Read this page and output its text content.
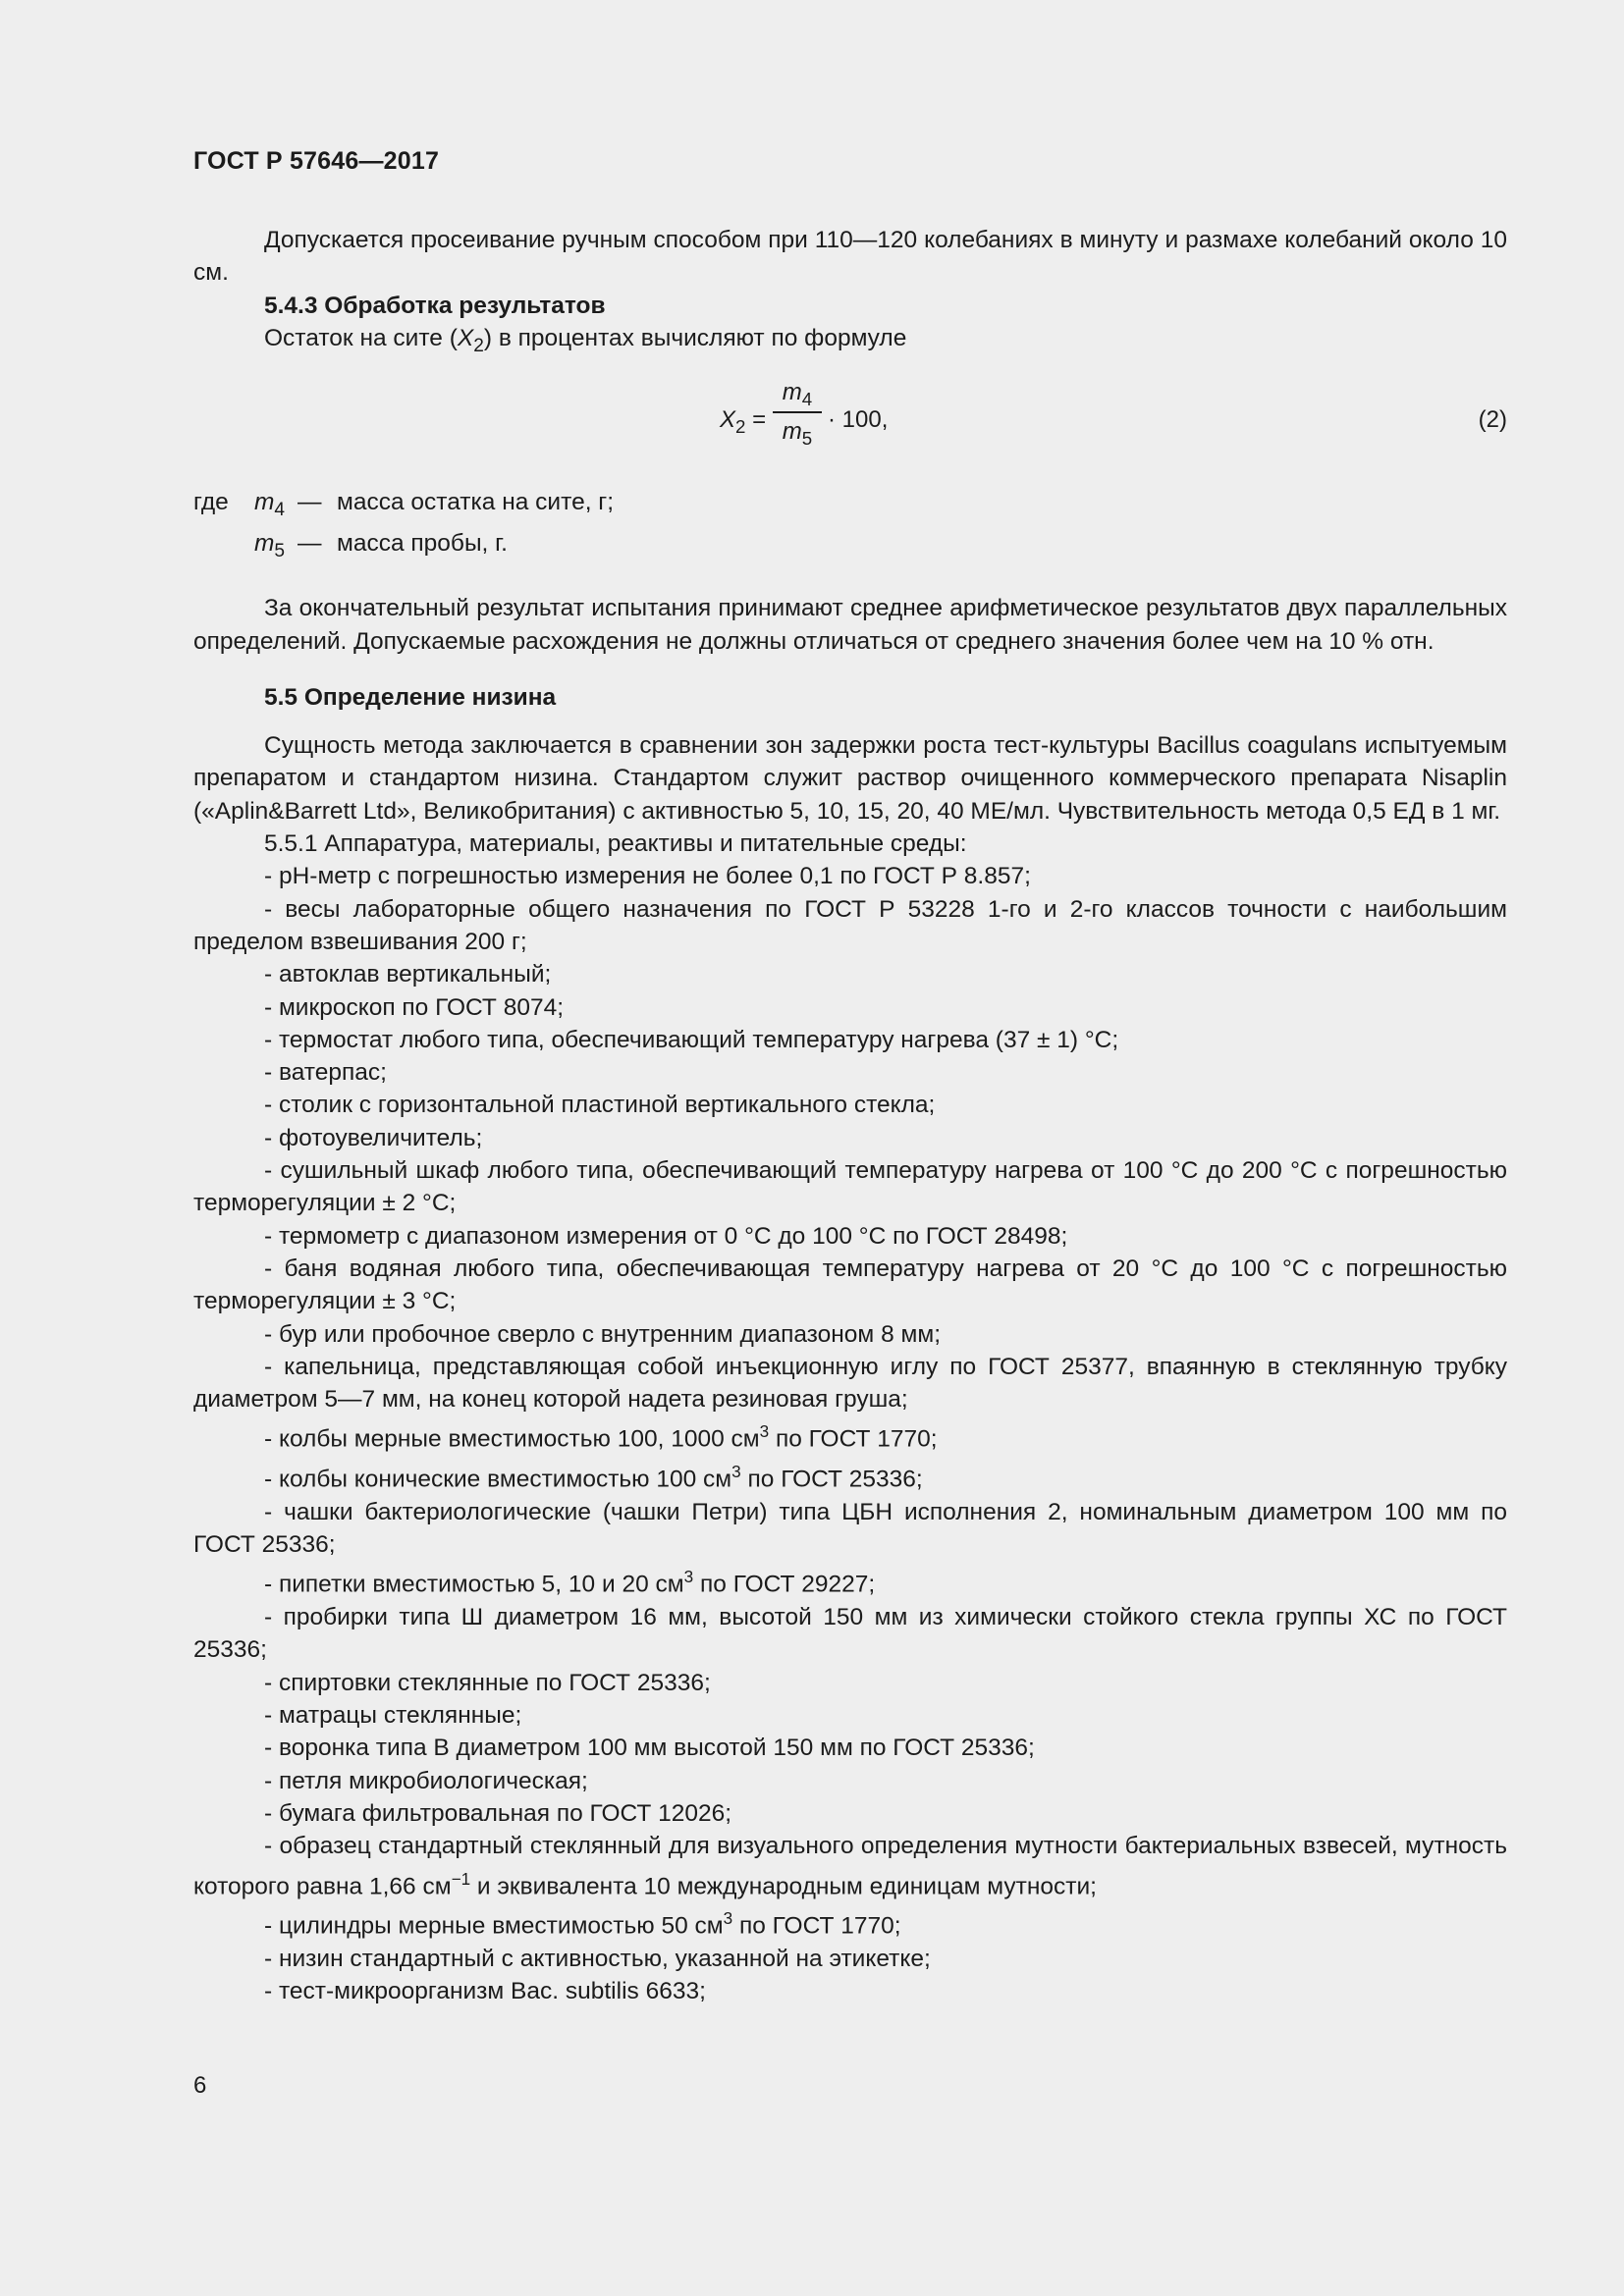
ГОСТ Р 57646—2017

Допускается просеивание ручным способом при 110—120 колебаниях в минуту и размахе колебаний около 10 см.

5.4.3 Обработка результатов

Остаток на сите $(X_2)$ в процентах вычисляют по формуле

$X_2$ =
$m_4$
$m_5$
· 100,	(2)
где $m_4$ — масса остатка на сите, г;
$m_5$ — масса пробы, г.

За окончательный результат испытания принимают среднее арифметическое результатов двух параллельных определений. Допускаемые расхождения не должны отличаться от среднего значения более чем на 10 % отн.

5.5 Определение низина

Сущность метода заключается в сравнении зон задержки роста тест-культуры Bacillus coagulans испытуемым препаратом и стандартом низина. Стандартом служит раствор очищенного коммерческого препарата Nisaplin («Aplin&Barrett Ltd», Великобритания) с активностью 5, 10, 15, 20, 40 МЕ/мл. Чувствительность метода 0,5 ЕД в 1 мг.

5.5.1 Аппаратура, материалы, реактивы и питательные среды:

- pH-метр с погрешностью измерения не более 0,1 по ГОСТ Р 8.857;

- весы лабораторные общего назначения по ГОСТ Р 53228 1-го и 2-го классов точности с наибольшим пределом взвешивания 200 г;

- автоклав вертикальный;

- микроскоп по ГОСТ 8074;

- термостат любого типа, обеспечивающий температуру нагрева (37 ± 1) °C;

- ватерпас;

- столик с горизонтальной пластиной вертикального стекла;

- фотоувеличитель;

- сушильный шкаф любого типа, обеспечивающий температуру нагрева от 100 °C до 200 °C с погрешностью терморегуляции ± 2 °C;

- термометр с диапазоном измерения от 0 °C до 100 °C по ГОСТ 28498;

- баня водяная любого типа, обеспечивающая температуру нагрева от 20 °C до 100 °C с погрешностью терморегуляции ± 3 °C;

- бур или пробочное сверло с внутренним диапазоном 8 мм;

- капельница, представляющая собой инъекционную иглу по ГОСТ 25377, впаянную в стеклянную трубку диаметром 5—7 мм, на конец которой надета резиновая груша;

- колбы мерные вместимостью 100, 1000 $см^3$ по ГОСТ 1770;

- колбы конические вместимостью 100 $см^3$ по ГОСТ 25336;

- чашки бактериологические (чашки Петри) типа ЦБН исполнения 2, номинальным диаметром 100 мм по ГОСТ 25336;

- пипетки вместимостью 5, 10 и 20 $см^3$ по ГОСТ 29227;

- пробирки типа Ш диаметром 16 мм, высотой 150 мм из химически стойкого стекла группы ХС по ГОСТ 25336;

- спиртовки стеклянные по ГОСТ 25336;

- матрацы стеклянные;

- воронка типа В диаметром 100 мм высотой 150 мм по ГОСТ 25336;

- петля микробиологическая;

- бумага фильтровальная по ГОСТ 12026;

- образец стандартный стеклянный для визуального определения мутности бактериальных взвесей, мутность которого равна 1,66 $см^{-1}$ и эквивалента 10 международным единицам мутности;

- цилиндры мерные вместимостью 50 $см^3$ по ГОСТ 1770;

- низин стандартный с активностью, указанной на этикетке;

- тест-микроорганизм Bac. subtilis 6633;

6
